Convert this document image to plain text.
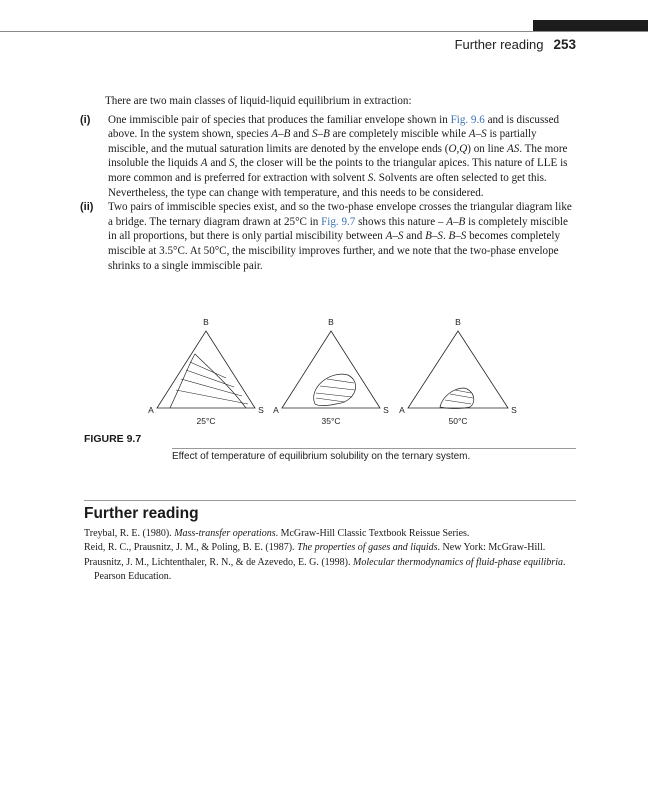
Further reading 253

There are two main classes of liquid-liquid equilibrium in extraction:

(i) One immiscible pair of species that produces the familiar envelope shown in Fig. 9.6 and is discussed above. In the system shown, species A–B and S–B are completely miscible while A–S is partially miscible, and the mutual saturation limits are denoted by the envelope ends (O,Q) on line AS. The more insoluble the liquids A and S, the closer will be the points to the triangular apices. This nature of LLE is more common and is preferred for extraction with solvent S. Solvents are often selected to get this. Nevertheless, the type can change with temperature, and this needs to be considered.
(ii) Two pairs of immiscible species exist, and so the two-phase envelope crosses the triangular diagram like a bridge. The ternary diagram drawn at 25°C in Fig. 9.7 shows this nature – A–B is completely miscible in all proportions, but there is only partial miscibility between A–S and B–S. B–S becomes completely miscible at 3.5°C. At 50°C, the miscibility improves further, and we note that the two-phase envelope shrinks to a single immiscible pair.
B
A	S
25°C
B
A	S
35°C
B
A	S
50°C
FIGURE 9.7
Effect of temperature of equilibrium solubility on the ternary system.
Further reading

Treybal, R. E. (1980). Mass-transfer operations. McGraw-Hill Classic Textbook Reissue Series.

Reid, R. C., Prausnitz, J. M., & Poling, B. E. (1987). The properties of gases and liquids. New York: McGraw-Hill.

Prausnitz, J. M., Lichtenthaler, R. N., & de Azevedo, E. G. (1998). Molecular thermodynamics of fluid-phase equilibria. Pearson Education.
